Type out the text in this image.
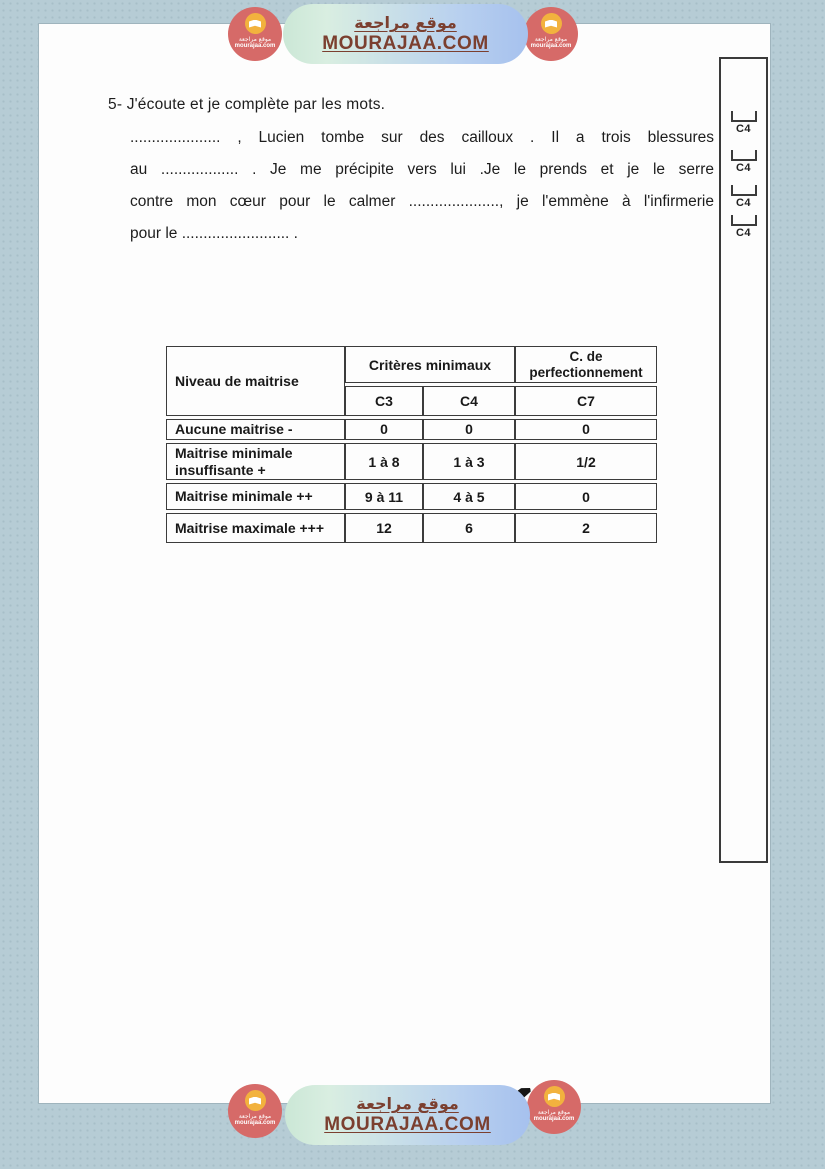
موقع مراجعة
mourajaa.com
موقع مراجعة
MOURAJAA.COM	موقع مراجعة
mourajaa.com
5- J'écoute et je complète par les mots.
..................... , Lucien tombe sur des cailloux . Il a trois blessures
au .................. . Je me précipite vers lui .Je le prends et je le serre
contre mon cœur pour le calmer ....................., je l'emmène à l'infirmerie
pour le ......................... .
C4
C4
C4
C4
Niveau de maitrise	Critères minimaux		C. de perfectionnement
	C3	C4	C7
Aucune maitrise -	0	0	0
Maitrise minimale insuffisante +	1 à 8	1 à 3	1/2
Maitrise minimale ++	9 à 11	4 à 5	0
Maitrise maximale +++	12	6	2
موقع مراجعة
mourajaa.com
موقع مراجعة
MOURAJAA.COM
موقع مراجعة
mourajaa.com
